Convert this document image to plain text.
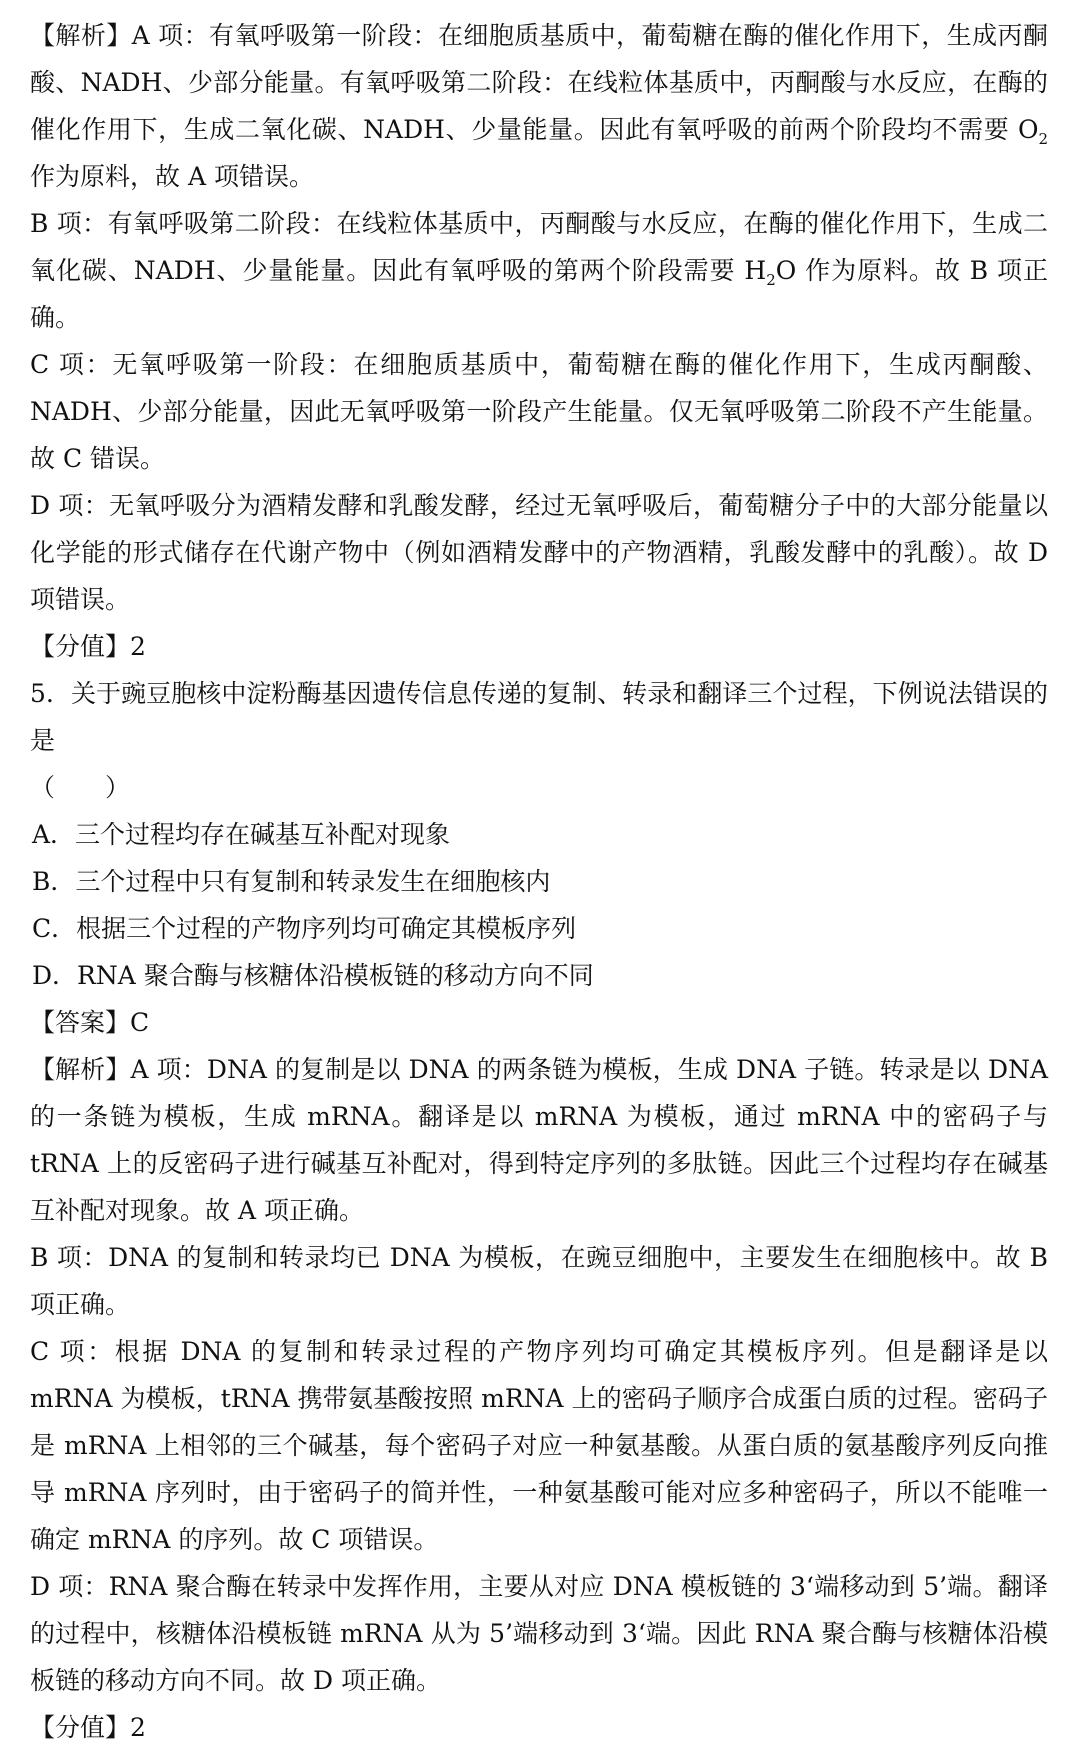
【解析】A 项：有氧呼吸第一阶段：在细胞质基质中，葡萄糖在酶的催化作用下，生成丙酮酸、NADH、少部分能量。有氧呼吸第二阶段：在线粒体基质中，丙酮酸与水反应，在酶的催化作用下，生成二氧化碳、NADH、少量能量。因此有氧呼吸的前两个阶段均不需要 $O_2$作为原料，故 A 项错误。

B 项：有氧呼吸第二阶段：在线粒体基质中，丙酮酸与水反应，在酶的催化作用下，生成二氧化碳、NADH、少量能量。因此有氧呼吸的第两个阶段需要 $H_2O$ 作为原料。故 B 项正确。

C 项：无氧呼吸第一阶段：在细胞质基质中，葡萄糖在酶的催化作用下，生成丙酮酸、NADH、少部分能量，因此无氧呼吸第一阶段产生能量。仅无氧呼吸第二阶段不产生能量。故 C 错误。

D 项：无氧呼吸分为酒精发酵和乳酸发酵，经过无氧呼吸后，葡萄糖分子中的大部分能量以化学能的形式储存在代谢产物中（例如酒精发酵中的产物酒精，乳酸发酵中的乳酸）。故 D 项错误。

【分值】2

5．关于豌豆胞核中淀粉酶基因遗传信息传递的复制、转录和翻译三个过程，下例说法错误的是

（　　）

A．三个过程均存在碱基互补配对现象

B．三个过程中只有复制和转录发生在细胞核内

C．根据三个过程的产物序列均可确定其模板序列

D．RNA 聚合酶与核糖体沿模板链的移动方向不同

【答案】C

【解析】A 项：DNA 的复制是以 DNA 的两条链为模板，生成 DNA 子链。转录是以 DNA 的一条链为模板，生成 mRNA。翻译是以 mRNA 为模板，通过 mRNA 中的密码子与 tRNA 上的反密码子进行碱基互补配对，得到特定序列的多肽链。因此三个过程均存在碱基互补配对现象。故 A 项正确。

B 项：DNA 的复制和转录均已 DNA 为模板，在豌豆细胞中，主要发生在细胞核中。故 B 项正确。

C 项：根据 DNA 的复制和转录过程的产物序列均可确定其模板序列。但是翻译是以 mRNA 为模板，tRNA 携带氨基酸按照 mRNA 上的密码子顺序合成蛋白质的过程。密码子是 mRNA 上相邻的三个碱基，每个密码子对应一种氨基酸。从蛋白质的氨基酸序列反向推导 mRNA 序列时，由于密码子的简并性，一种氨基酸可能对应多种密码子，所以不能唯一确定 mRNA 的序列。故 C 项错误。

D 项：RNA 聚合酶在转录中发挥作用，主要从对应 DNA 模板链的 3‘端移动到 5’端。翻译的过程中，核糖体沿模板链 mRNA 从为 5’端移动到 3‘端。因此 RNA 聚合酶与核糖体沿模板链的移动方向不同。故 D 项正确。

【分值】2
